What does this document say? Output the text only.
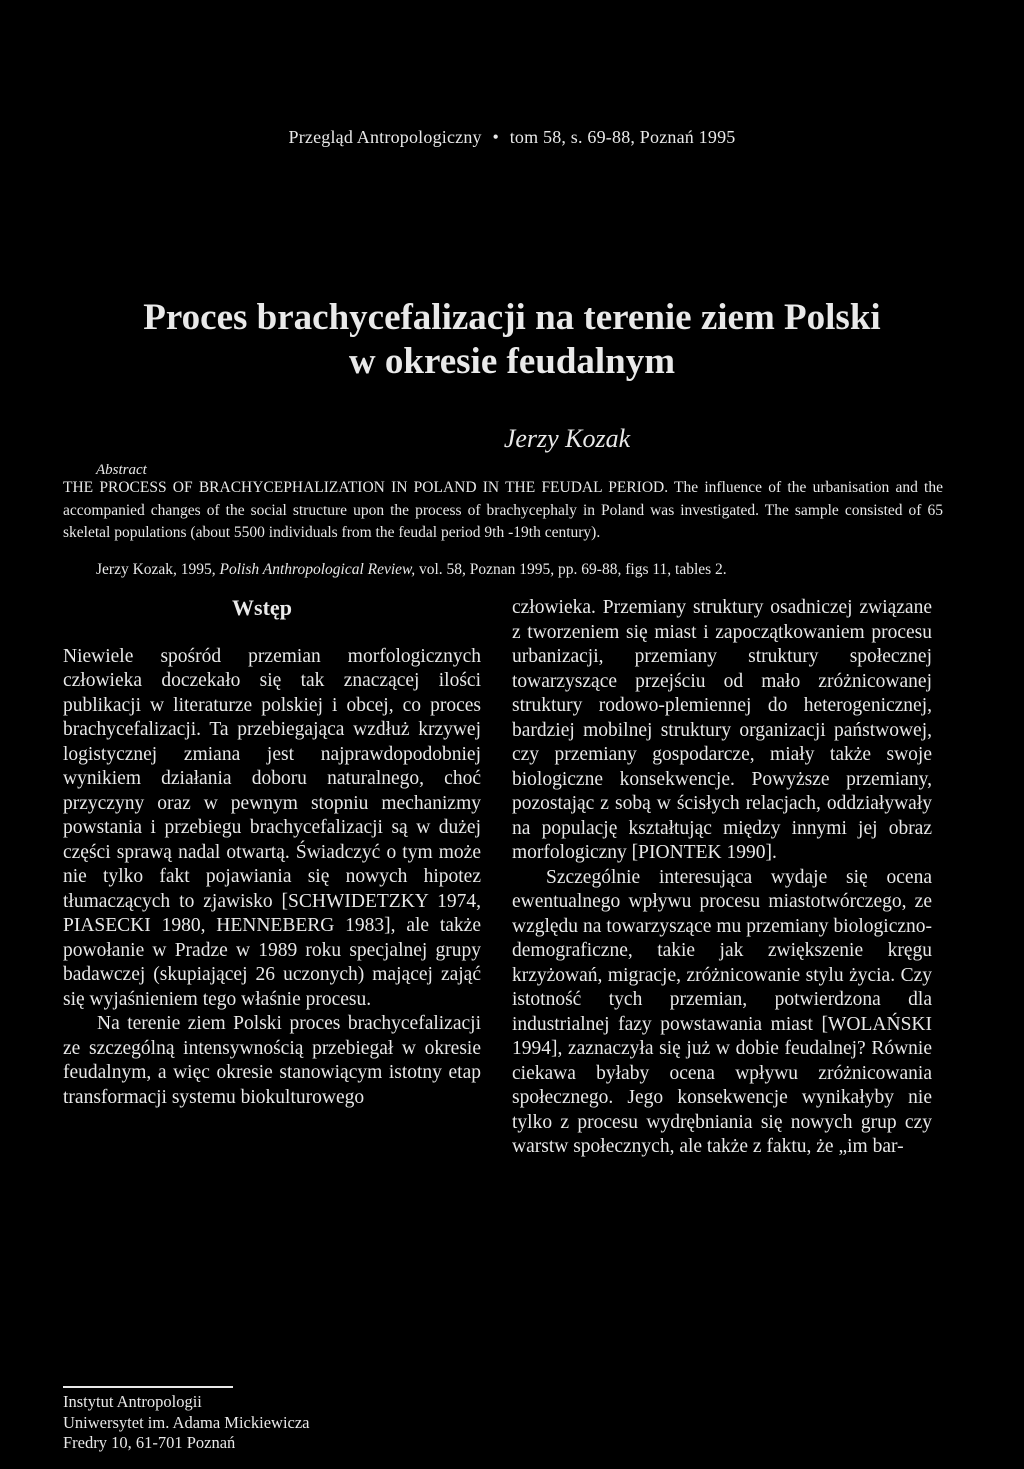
Przegląd Antropologiczny • tom 58, s. 69-88, Poznań 1995
Proces brachycefalizacji na terenie ziem Polski
w okresie feudalnym
Jerzy Kozak
Abstract
THE PROCESS OF BRACHYCEPHALIZATION IN POLAND IN THE FEUDAL PERIOD. The influence of the urbanisation and the accompanied changes of the social structure upon the process of brachycephaly in Poland was investigated. The sample consisted of 65 skeletal populations (about 5500 individuals from the feudal period 9th -19th century).
Jerzy Kozak, 1995, Polish Anthropological Review, vol. 58, Poznan 1995, pp. 69-88, figs 11, tables 2.
Wstęp

Niewiele spośród przemian morfologicznych człowieka doczekało się tak znaczącej ilości publikacji w literaturze polskiej i obcej, co proces brachycefalizacji. Ta przebiegająca wzdłuż krzywej logistycznej zmiana jest najprawdopodobniej wynikiem działania doboru naturalnego, choć przyczyny oraz w pewnym stopniu mechanizmy powstania i przebiegu brachycefalizacji są w dużej części sprawą nadal otwartą. Świadczyć o tym może nie tylko fakt pojawiania się nowych hipotez tłumaczących to zjawisko [SCHWIDETZKY 1974, PIASECKI 1980, HENNEBERG 1983], ale także powołanie w Pradze w 1989 roku specjalnej grupy badawczej (skupiającej 26 uczonych) mającej zająć się wyjaśnieniem tego właśnie procesu.

Na terenie ziem Polski proces brachycefalizacji ze szczególną intensywnością przebiegał w okresie feudalnym, a więc okresie stanowiącym istotny etap transformacji systemu biokulturowego

człowieka. Przemiany struktury osadniczej związane z tworzeniem się miast i zapoczątkowaniem procesu urbanizacji, przemiany struktury społecznej towarzyszące przejściu od mało zróżnicowanej struktury rodowo-plemiennej do heterogenicznej, bardziej mobilnej struktury organizacji państwowej, czy przemiany gospodarcze, miały także swoje biologiczne konsekwencje. Powyższe przemiany, pozostając z sobą w ścisłych relacjach, oddziaływały na populację kształtując między innymi jej obraz morfologiczny [PIONTEK 1990].

Szczególnie interesująca wydaje się ocena ewentualnego wpływu procesu miastotwórczego, ze względu na towarzyszące mu przemiany biologiczno-demograficzne, takie jak zwiększenie kręgu krzyżowań, migracje, zróżnicowanie stylu życia. Czy istotność tych przemian, potwierdzona dla industrialnej fazy powstawania miast [WOLAŃSKI 1994], zaznaczyła się już w dobie feudalnej? Równie ciekawa byłaby ocena wpływu zróżnicowania społecznego. Jego konsekwencje wynikałyby nie tylko z procesu wydrębniania się nowych grup czy warstw społecznych, ale także z faktu, że „im bar-

Instytut Antropologii
Uniwersytet im. Adama Mickiewicza
Fredry 10, 61-701 Poznań
